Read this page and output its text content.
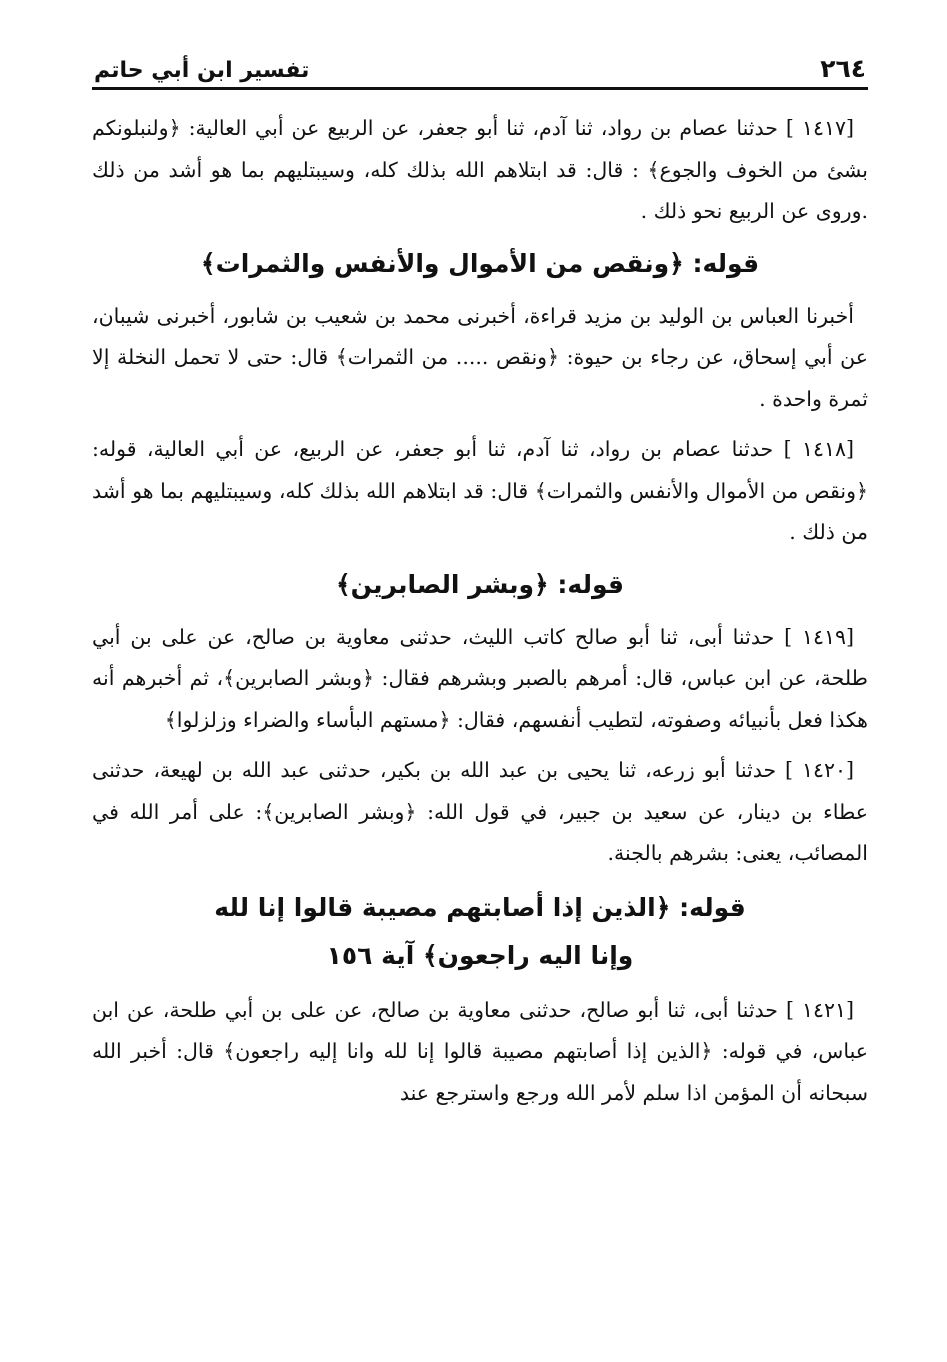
٢٦٤
تفسير ابن أبي حاتم

[١٤١٧ ] حدثنا عصام بن رواد، ثنا آدم، ثنا أبو جعفر، عن الربيع عن أبي العالية: ﴿ولنبلونكم بشئ من الخوف والجوع﴾ : قال: قد ابتلاهم الله بذلك كله، وسيبتليهم بما هو أشد من ذلك .وروى عن الربيع نحو ذلك .

قوله: ﴿ونقص من الأموال والأنفس والثمرات﴾

أخبرنا العباس بن الوليد بن مزيد قراءة، أخبرنى محمد بن شعيب بن شابور، أخبرنى شيبان، عن أبي إسحاق، عن رجاء بن حيوة: ﴿ونقص ..... من الثمرات﴾ قال: حتى لا تحمل النخلة إلا ثمرة واحدة .

[١٤١٨ ] حدثنا عصام بن رواد، ثنا آدم، ثنا أبو جعفر، عن الربيع، عن أبي العالية، قوله: ﴿ونقص من الأموال والأنفس والثمرات﴾ قال: قد ابتلاهم الله بذلك كله، وسيبتليهم بما هو أشد من ذلك .

قوله: ﴿وبشر الصابرين﴾

[١٤١٩ ] حدثنا أبى، ثنا أبو صالح كاتب الليث، حدثنى معاوية بن صالح، عن على بن أبي طلحة، عن ابن عباس، قال: أمرهم بالصبر وبشرهم فقال: ﴿وبشر الصابرين﴾، ثم أخبرهم أنه هكذا فعل بأنبيائه وصفوته، لتطيب أنفسهم، فقال: ﴿مستهم البأساء والضراء وزلزلوا﴾

[١٤٢٠ ] حدثنا أبو زرعه، ثنا يحيى بن عبد الله بن بكير، حدثنى عبد الله بن لهيعة، حدثنى عطاء بن دينار، عن سعيد بن جبير، في قول الله: ﴿وبشر الصابرين﴾: على أمر الله في المصائب، يعنى: بشرهم بالجنة.

قوله: ﴿الذين إذا أصابتهم مصيبة قالوا إنا لله
وإنا اليه راجعون﴾ آية ١٥٦

[١٤٢١ ] حدثنا أبى، ثنا أبو صالح، حدثنى معاوية بن صالح، عن على بن أبي طلحة، عن ابن عباس، في قوله: ﴿الذين إذا أصابتهم مصيبة قالوا إنا لله وانا إليه راجعون﴾ قال: أخبر الله سبحانه أن المؤمن اذا سلم لأمر الله ورجع واسترجع عند
